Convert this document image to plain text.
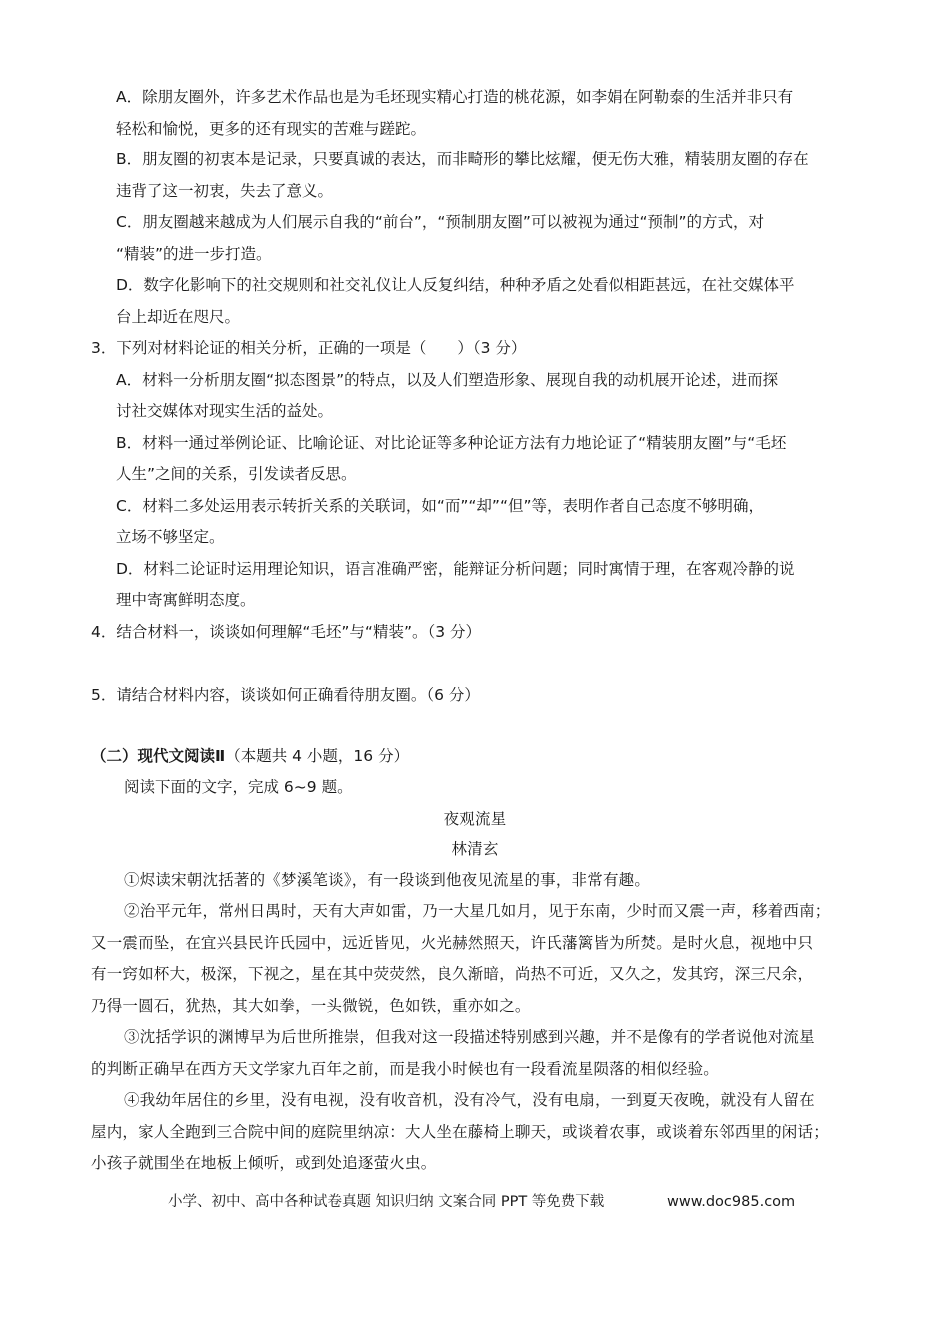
A．除朋友圈外，许多艺术作品也是为毛坯现实精心打造的桃花源，如李娟在阿勒泰的生活并非只有
轻松和愉悦，更多的还有现实的苦难与蹉跎。
B．朋友圈的初衷本是记录，只要真诚的表达，而非畸形的攀比炫耀，便无伤大雅，精装朋友圈的存在
违背了这一初衷，失去了意义。
C．朋友圈越来越成为人们展示自我的“前台”，“预制朋友圈”可以被视为通过“预制”的方式，对
“精装”的进一步打造。
D．数字化影响下的社交规则和社交礼仪让人反复纠结，种种矛盾之处看似相距甚远，在社交媒体平
台上却近在咫尺。
3．下列对材料论证的相关分析，正确的一项是（　　）（3 分）
A．材料一分析朋友圈“拟态图景”的特点，以及人们塑造形象、展现自我的动机展开论述，进而探
讨社交媒体对现实生活的益处。
B．材料一通过举例论证、比喻论证、对比论证等多种论证方法有力地论证了“精装朋友圈”与“毛坯
人生”之间的关系，引发读者反思。
C．材料二多处运用表示转折关系的关联词，如“而”“却”“但”等，表明作者自己态度不够明确，
立场不够坚定。
D．材料二论证时运用理论知识，语言准确严密，能辩证分析问题；同时寓情于理，在客观冷静的说
理中寄寓鲜明态度。
4．结合材料一，谈谈如何理解“毛坯”与“精装”。（3 分）
5．请结合材料内容，谈谈如何正确看待朋友圈。（6 分）
（二）现代文阅读Ⅱ（本题共 4 小题，16 分）
阅读下面的文字，完成 6~9 题。
夜观流星
林清玄
①烬读宋朝沈括著的《梦溪笔谈》，有一段谈到他夜见流星的事，非常有趣。
②治平元年，常州日禺时，天有大声如雷，乃一大星几如月，见于东南，少时而又震一声，移着西南；
又一震而坠，在宜兴县民许氏园中，远近皆见，火光赫然照天，许氏藩篱皆为所焚。是时火息，视地中只
有一窍如杯大，极深，下视之，星在其中荧荧然，良久渐暗，尚热不可近，又久之，发其窍，深三尺余，
乃得一圆石，犹热，其大如拳，一头微锐，色如铁，重亦如之。
③沈括学识的渊博早为后世所推崇，但我对这一段描述特别感到兴趣，并不是像有的学者说他对流星
的判断正确早在西方天文学家九百年之前，而是我小时候也有一段看流星陨落的相似经验。
④我幼年居住的乡里，没有电视，没有收音机，没有冷气，没有电扇，一到夏天夜晚，就没有人留在
屋内，家人全跑到三合院中间的庭院里纳凉：大人坐在藤椅上聊天，或谈着农事，或谈着东邻西里的闲话；
小孩子就围坐在地板上倾听，或到处追逐萤火虫。
小学、初中、高中各种试卷真题 知识归纳 文案合同 PPT 等免费下载	www.doc985.com
